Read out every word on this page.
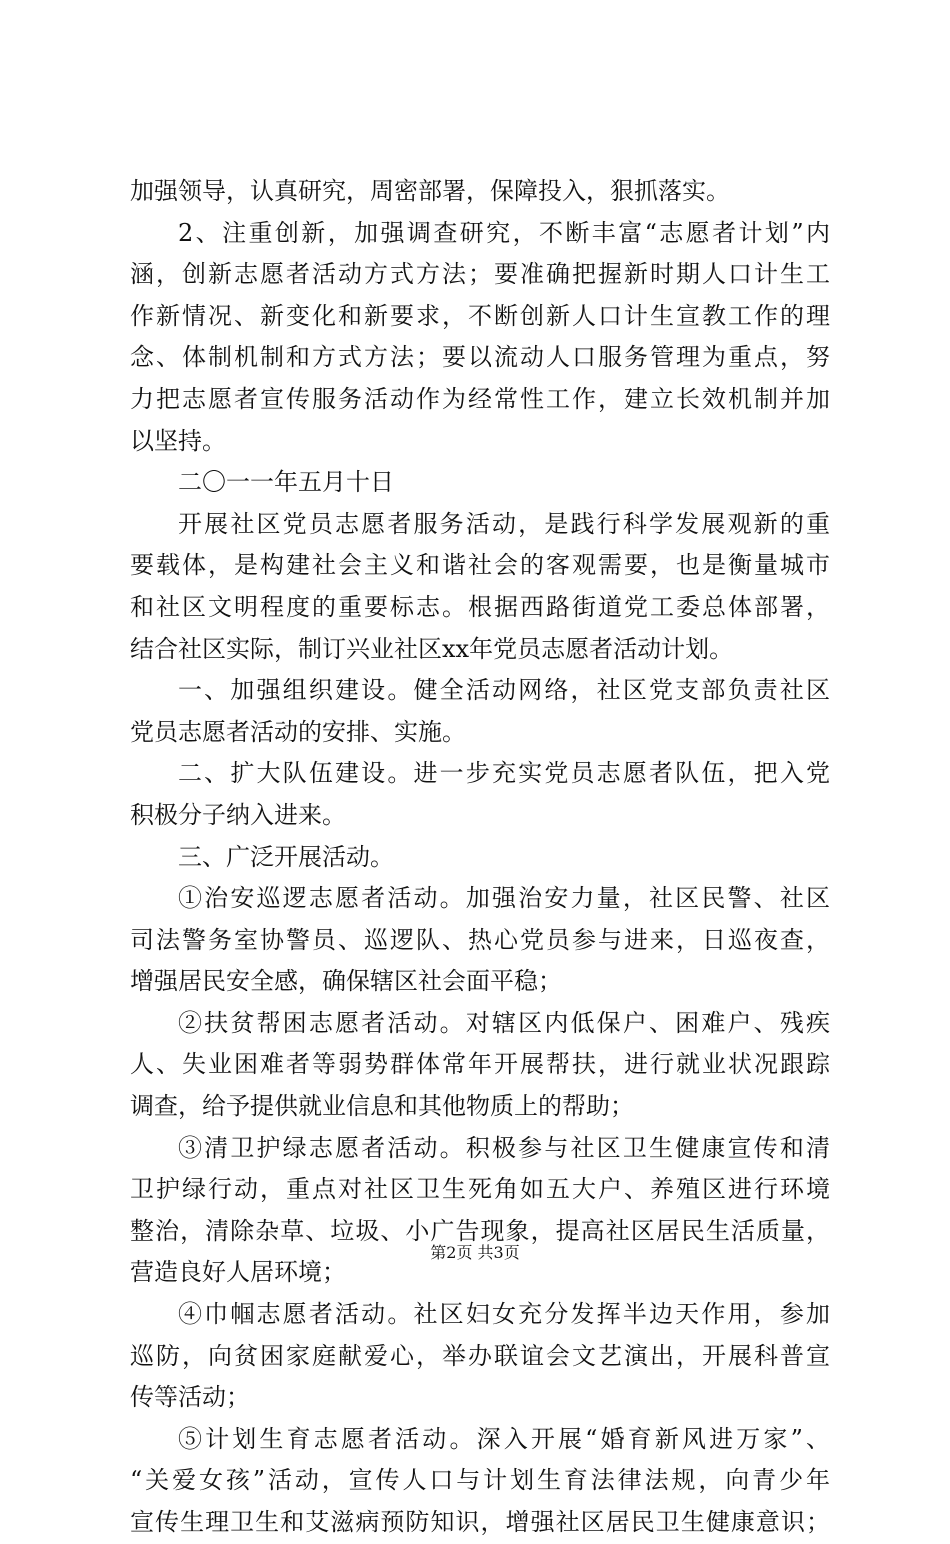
加强领导，认真研究，周密部署，保障投入，狠抓落实。
2、注重创新，加强调查研究，不断丰富“志愿者计划”内
涵，创新志愿者活动方式方法；要准确把握新时期人口计生工
作新情况、新变化和新要求，不断创新人口计生宣教工作的理
念、体制机制和方式方法；要以流动人口服务管理为重点，努
力把志愿者宣传服务活动作为经常性工作，建立长效机制并加
以坚持。
二〇一一年五月十日
开展社区党员志愿者服务活动，是践行科学发展观新的重
要载体，是构建社会主义和谐社会的客观需要，也是衡量城市
和社区文明程度的重要标志。根据西路街道党工委总体部署，
结合社区实际，制订兴业社区xx年党员志愿者活动计划。
一、加强组织建设。健全活动网络，社区党支部负责社区
党员志愿者活动的安排、实施。
二、扩大队伍建设。进一步充实党员志愿者队伍，把入党
积极分子纳入进来。
三、广泛开展活动。
①治安巡逻志愿者活动。加强治安力量，社区民警、社区
司法警务室协警员、巡逻队、热心党员参与进来，日巡夜查，
增强居民安全感，确保辖区社会面平稳；
②扶贫帮困志愿者活动。对辖区内低保户、困难户、残疾
人、失业困难者等弱势群体常年开展帮扶，进行就业状况跟踪
调查，给予提供就业信息和其他物质上的帮助；
③清卫护绿志愿者活动。积极参与社区卫生健康宣传和清
卫护绿行动，重点对社区卫生死角如五大户、养殖区进行环境
整治，清除杂草、垃圾、小广告现象，提高社区居民生活质量，
营造良好人居环境；
④巾帼志愿者活动。社区妇女充分发挥半边天作用，参加
巡防，向贫困家庭献爱心，举办联谊会文艺演出，开展科普宣
传等活动；
⑤计划生育志愿者活动。深入开展“婚育新风进万家”、
“关爱女孩”活动，宣传人口与计划生育法律法规，向青少年
宣传生理卫生和艾滋病预防知识，增强社区居民卫生健康意识；
第2页 共3页
